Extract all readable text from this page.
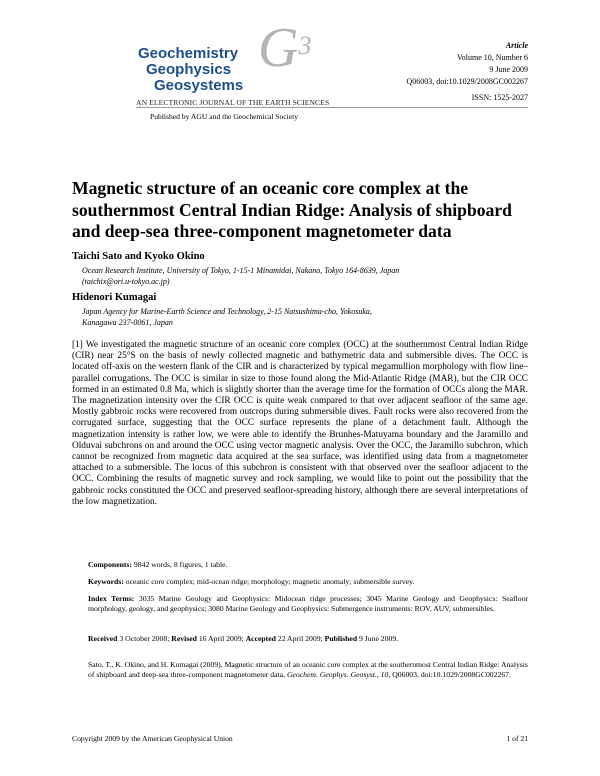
Geochemistry
Geophysics
Geosystems
$G^3$
AN ELECTRONIC JOURNAL OF THE EARTH SCIENCES
Published by AGU and the Geochemical Society
Article
Volume 10, Number 6
9 June 2009
Q06003, doi:10.1029/2008GC002267
ISSN: 1525-2027
Magnetic structure of an oceanic core complex at the
southernmost Central Indian Ridge: Analysis of shipboard
and deep-sea three-component magnetometer data
Taichi Sato and Kyoko Okino
Ocean Research Institute, University of Tokyo, 1-15-1 Minamidai, Nakano, Tokyo 164-8639, Japan
(taichix@ori.u-tokyo.ac.jp)
Hidenori Kumagai
Japan Agency for Marine-Earth Science and Technology, 2-15 Natsushima-cho, Yokosuka,
Kanagawa 237-0061, Japan
[1] We investigated the magnetic structure of an oceanic core complex (OCC) at the southernmost Central Indian Ridge (CIR) near 25°S on the basis of newly collected magnetic and bathymetric data and submersible dives. The OCC is located off-axis on the western flank of the CIR and is characterized by typical megamullion morphology with flow line–parallel corrugations. The OCC is similar in size to those found along the Mid-Atlantic Ridge (MAR), but the CIR OCC formed in an estimated 0.8 Ma, which is slightly shorter than the average time for the formation of OCCs along the MAR. The magnetization intensity over the CIR OCC is quite weak compared to that over adjacent seafloor of the same age. Mostly gabbroic rocks were recovered from outcrops during submersible dives. Fault rocks were also recovered from the corrugated surface, suggesting that the OCC surface represents the plane of a detachment fault. Although the magnetization intensity is rather low, we were able to identify the Brunhes-Matuyama boundary and the Jaramillo and Olduvai subchrons on and around the OCC using vector magnetic analysis. Over the OCC, the Jaramillo subchron, which cannot be recognized from magnetic data acquired at the sea surface, was identified using data from a magnetometer attached to a submersible. The locus of this subchron is consistent with that observed over the seafloor adjacent to the OCC. Combining the results of magnetic survey and rock sampling, we would like to point out the possibility that the gabbroic rocks constituted the OCC and preserved seafloor-spreading history, although there are several interpretations of the low magnetization.
Components: 9842 words, 8 figures, 1 table.
Keywords: oceanic core complex; mid-ocean ridge; morphology; magnetic anomaly; submersible survey.
Index Terms: 3035 Marine Geology and Geophysics: Midocean ridge processes; 3045 Marine Geology and Geophysics: Seafloor morphology, geology, and geophysics; 3080 Marine Geology and Geophysics: Submergence instruments: ROV, AUV, submersibles.
Received 3 October 2008; Revised 16 April 2009; Accepted 22 April 2009; Published 9 June 2009.
Sato, T., K. Okino, and H. Kumagai (2009), Magnetic structure of an oceanic core complex at the southernmost Central Indian Ridge: Analysis of shipboard and deep-sea three-component magnetometer data, Geochem. Geophys. Geosyst., 10, Q06003, doi:10.1029/2008GC002267.
Copyright 2009 by the American Geophysical Union	1 of 21
